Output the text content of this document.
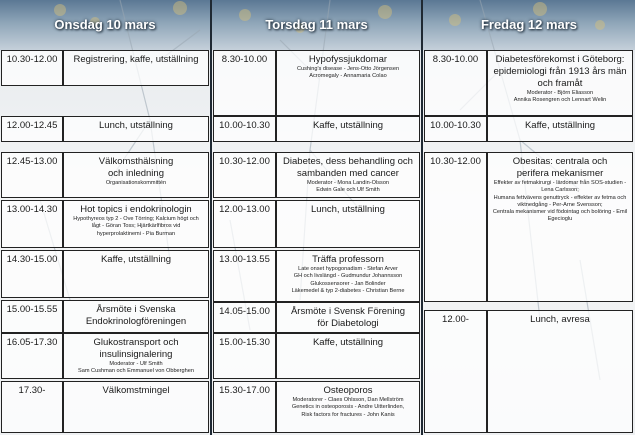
Onsdag 10 mars	Torsdag 11 mars	Fredag 12 mars
10.30-12.00 Registrering, kaffe, utställning
12.00-12.45	Lunch, utställning
12.45-13.00	Välkomsthälsning och inledning
Organisationskommittén
13.00-14.30 Hot topics i endokrinologin
Hypothyreos typ 2 - Ove Törring; Kalcium högt och lågt - Göran Toss; Hjärtkärlfibros vid hyperprolaktinemi - Pia Burman
14.30-15.00	Kaffe, utställning
15.00-15.55	Årsmöte i Svenska Endokrinologföreningen
16.05-17.30	Glukostransport och insulinsignalering
Moderator - Ulf Smith
Sam Cushman och Emmanuel von Obberghen
17.30-	Välkomstmingel
8.30-10.00	Hypofyssjukdomar
Cushing's disease - Jens-Otto Jörgensen
Acromegaly - Annamaria Colao
10.00-10.30	Kaffe, utställning
10.30-12.00 Diabetes, dess behandling och sambanden med cancer
Moderator - Mona Landin-Olsson
Edwin Gale och Ulf Smith
12.00-13.00	Lunch, utställning
13.00-13.55	Träffa professorn
Late onset hypogonadism - Stefan Arver
GH och livslängd - Gudmundur Johannsson
Glukossensorer - Jan Bolinder
Läkemedel & typ 2-diabetes - Christian Berne
14.05-15.00	Årsmöte i Svensk Förening för Diabetologi
15.00-15.30	Kaffe, utställning
15.30-17.00	Osteoporos
Moderatorer - Claes Ohlsson, Dan Mellström
Genetics in osteoporosis - Andre Uitterlinden,
Risk factors for fractures - John Kanis
8.30-10.00	Diabetesförekomst i Göteborg: epidemiologi från 1913 års män och framåt
Moderator - Björn Eliasson
Annika Rosengren och Lennart Welin
10.00-10.30	Kaffe, utställning
10.30-12.00	Obesitas: centrala och perifera mekanismer
Effekter av fetmakirurgi - lärdomar från SOS-studien - Lena Carlsson;
Humana fettvävens genuttryck - effekter av fetma och viktnedgång - Per-Arne Svensson;
Centrala mekanismer vid födointag och bolöring - Emil Egecioglu
12.00-	Lunch, avresa
